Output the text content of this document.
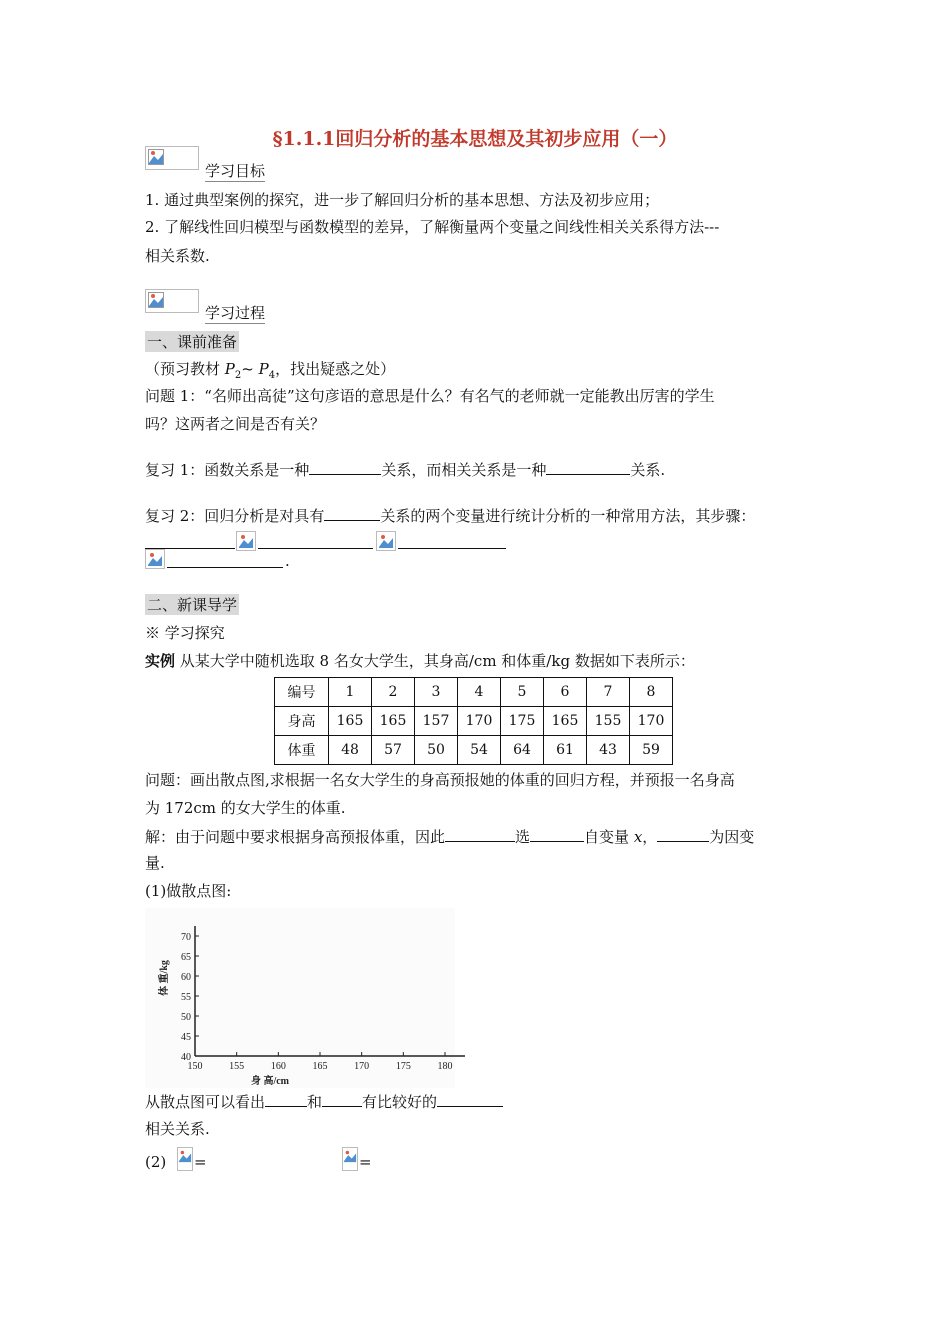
§1.1.1回归分析的基本思想及其初步应用（一）
学习目标
1. 通过典型案例的探究，进一步了解回归分析的基本思想、方法及初步应用；
2. 了解线性回归模型与函数模型的差异，了解衡量两个变量之间线性相关关系得方法---
相关系数.
学习过程
一、课前准备
（预习教材 $P_2\sim$ $P_4$，找出疑惑之处）
问题 1：“名师出高徒”这句彦语的意思是什么？有名气的老师就一定能教出厉害的学生
吗？这两者之间是否有关？
复习 1：函数关系是一种	关系，而相关关系是一种	关系.
复习 2：回归分析是对具有	关系的两个变量进行统计分析的一种常用方法，其步骤：
.
二、新课导学
※ 学习探究
实例 从某大学中随机选取 8 名女大学生，其身高/cm 和体重/kg 数据如下表所示：
编号	1	2	3	4	5	6	7	8
身高	165	165	157	170	175	165	155	170
体重	48	57	50	54	64	61	43	59
问题：画出散点图,求根据一名女大学生的身高预报她的体重的回归方程，并预报一名身高
为 172cm 的女大学生的体重.
解：由于问题中要求根据身高预报体重，因此	选	自变量 x，	为因变
量.
(1)做散点图:
150	155	160	165	170	175	180
40
45
50
55
60
65
70
身 高/cm
体 重/kg
从散点图可以看出	和	有比较好的
相关关系.
(2) =	=
